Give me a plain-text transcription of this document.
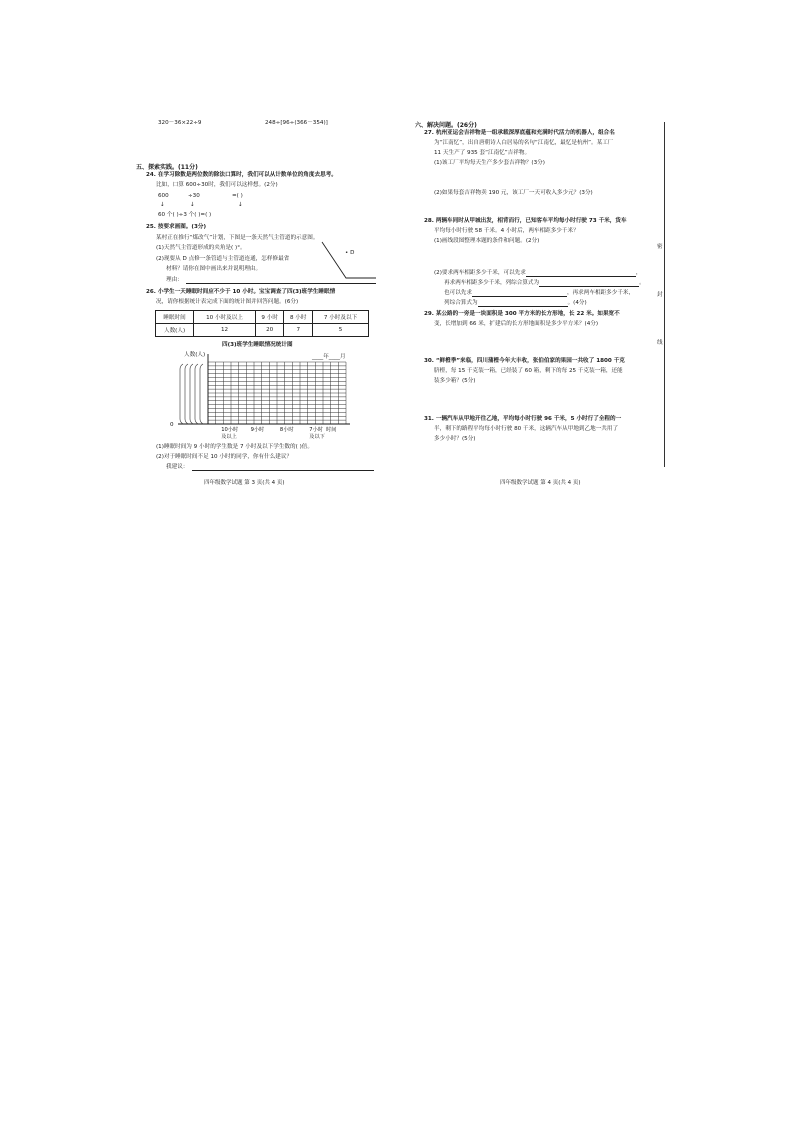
320－36×22÷9	248÷[96÷(366－354)]
五、探索实践。(11分)
24. 在学习除数是两位数的除法口算时，我们可以从计数单位的角度去思考。
比如，口算 600÷30时，我们可以这样想。(2分)
600	÷30	=( )
↓	↓	↓
60 个( )÷3 个( )=( )
25. 按要求画图。(3分)
某村正在推行“煤改气”计划，下图是一条天然气主管道的示意图。
(1)天然气主管道形成的夹角是( )°。
(2)现要从 D 点修一条管道与主管道连通，怎样修最省
材料？请你在图中画出来并说明理由。
理由：
• D
26. 小学生一天睡眠时间应不少于 10 小时。宝宝调查了四(3)班学生睡眠情
况，请你根据统计表完成下面的统计图并回答问题。(6分)
睡眠时间	10 小时及以上	9 小时	8 小时	7 小时及以下
人数(人)	12	20	7	5
四(3)班学生睡眠情况统计图
____年____月
人数(人)
0
10小时
及以上
9小时	8小时	7小时
及以下
时间
(1)睡眠时间为 9 小时的学生数是 7 小时及以下学生数的( )倍。
(2)对于睡眠时间不足 10 小时的同学，你有什么建议？
我建议：
四年级数学试题 第 3 页(共 4 页)
六、解决问题。(26分)
27. 杭州亚运会吉祥物是一组承载深厚底蕴和充满时代活力的机器人，组合名
为“江南忆”，出自唐朝诗人白居易的名句“江南忆，最忆是杭州”。某工厂
11 天生产了 935 套“江南忆”吉祥物。
(1)该工厂平均每天生产多少套吉祥物？(3分)
(2)如果每套吉祥物卖 190 元，该工厂一天可收入多少元？(3分)
28. 两辆车同时从甲城出发，相背而行，已知客车平均每小时行驶 73 千米，货车
平均每小时行驶 58 千米。4 小时后，两车相距多少千米？
(1)画线段图整理本题的条件和问题。(2分)
(2)要求两车相距多少千米，可以先求	，
再求两车相距多少千米，列综合算式为	。
也可以先求	，再求两车相距多少千米，
列综合算式为	。(4分)
29. 某公路的一旁是一块面积是 300 平方米的长方形地，长 22 米。如果宽不
变，长增加到 66 米，扩建后的长方形地面积是多少平方米？(4分)
30. “鲜橙季”来临，四川蒲橙今年大丰收，张伯伯家的果园一共收了 1800 千克
脐橙，每 15 千克装一箱，已经装了 60 箱，剩下的每 25 千克装一箱，还能
装多少箱？(5分)
31. 一辆汽车从甲地开往乙地，平均每小时行驶 96 千米，5 小时行了全程的一
半，剩下的路程平均每小时行驶 80 千米，这辆汽车从甲地到乙地一共用了
多少小时？(5分)
四年级数学试题 第 4 页(共 4 页)
密
封
线
